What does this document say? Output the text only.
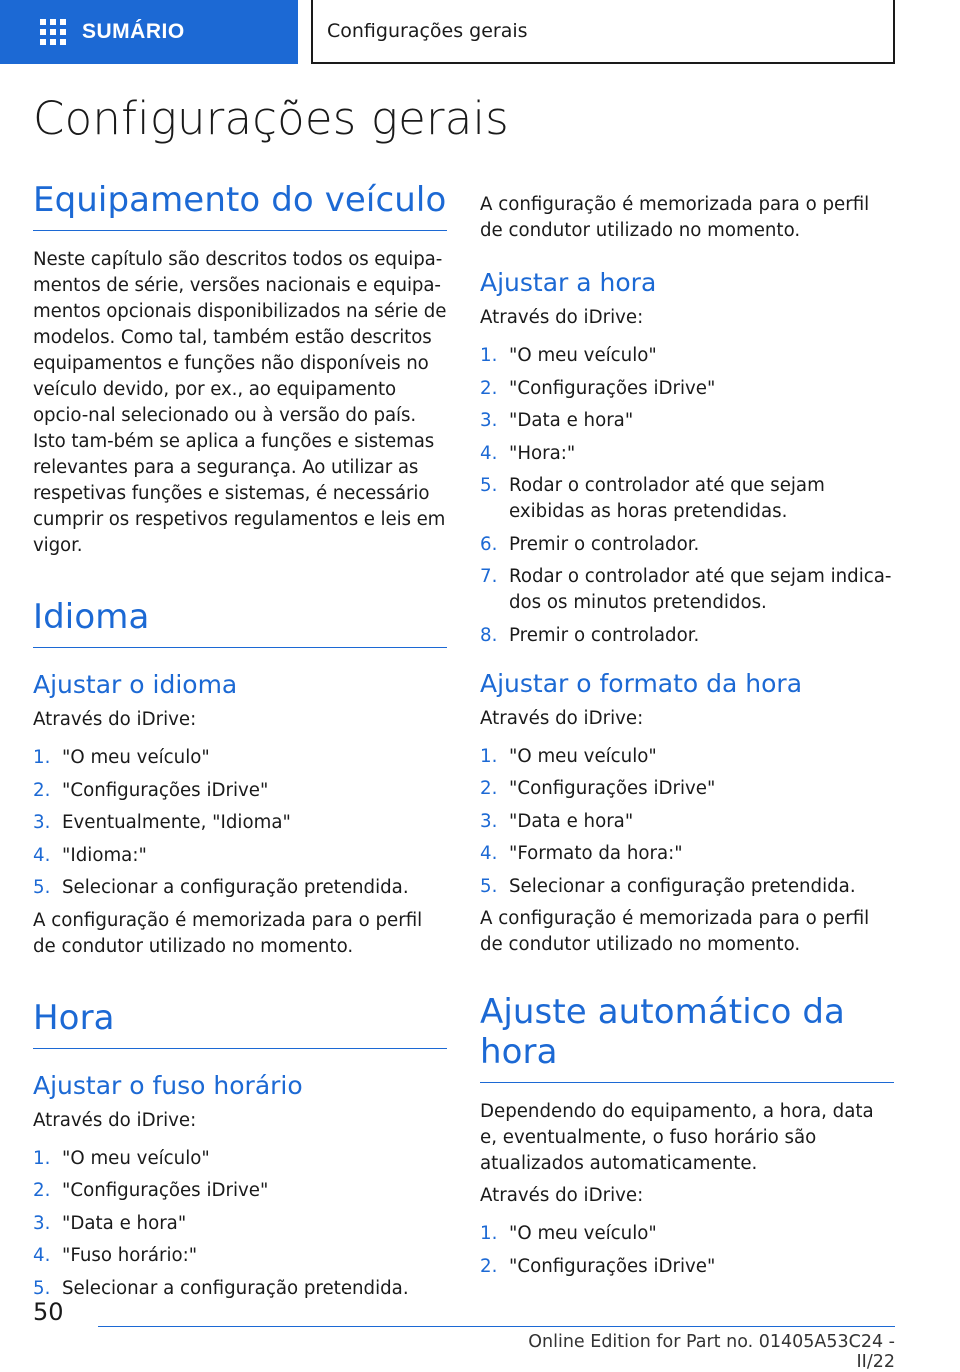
SUMÁRIO	Configurações gerais
Configurações gerais
Equipamento do veículo

Neste capítulo são descritos todos os equipa-mentos de série, versões nacionais e equipa-mentos opcionais disponibilizados na série de modelos. Como tal, também estão descritos equipamentos e funções não disponíveis no veículo devido, por ex., ao equipamento opcio-nal selecionado ou à versão do país. Isto tam-bém se aplica a funções e sistemas relevantes para a segurança. Ao utilizar as respetivas funções e sistemas, é necessário cumprir os respetivos regulamentos e leis em vigor.

Idioma
Ajustar o idioma

Através do iDrive:

1. "O meu veículo"
2. "Configurações iDrive"
3. Eventualmente, "Idioma"
4. "Idioma:"
5. Selecionar a configuração pretendida.

A configuração é memorizada para o perfil de condutor utilizado no momento.

Hora
Ajustar o fuso horário

Através do iDrive:

1. "O meu veículo"
2. "Configurações iDrive"
3. "Data e hora"
4. "Fuso horário:"
5. Selecionar a configuração pretendida.

A configuração é memorizada para o perfil de condutor utilizado no momento.

Ajustar a hora

Através do iDrive:

1. "O meu veículo"
2. "Configurações iDrive"
3. "Data e hora"
4. "Hora:"
5. Rodar o controlador até que sejam exibidas as horas pretendidas.
6. Premir o controlador.
7. Rodar o controlador até que sejam indica-dos os minutos pretendidos.
8. Premir o controlador.
Ajustar o formato da hora

Através do iDrive:

1. "O meu veículo"
2. "Configurações iDrive"
3. "Data e hora"
4. "Formato da hora:"
5. Selecionar a configuração pretendida.

A configuração é memorizada para o perfil de condutor utilizado no momento.

Ajuste automático da hora

Dependendo do equipamento, a hora, data e, eventualmente, o fuso horário são atualizados automaticamente.

Através do iDrive:

1. "O meu veículo"
2. "Configurações iDrive"

50

Online Edition for Part no. 01405A53C24 - II/22
